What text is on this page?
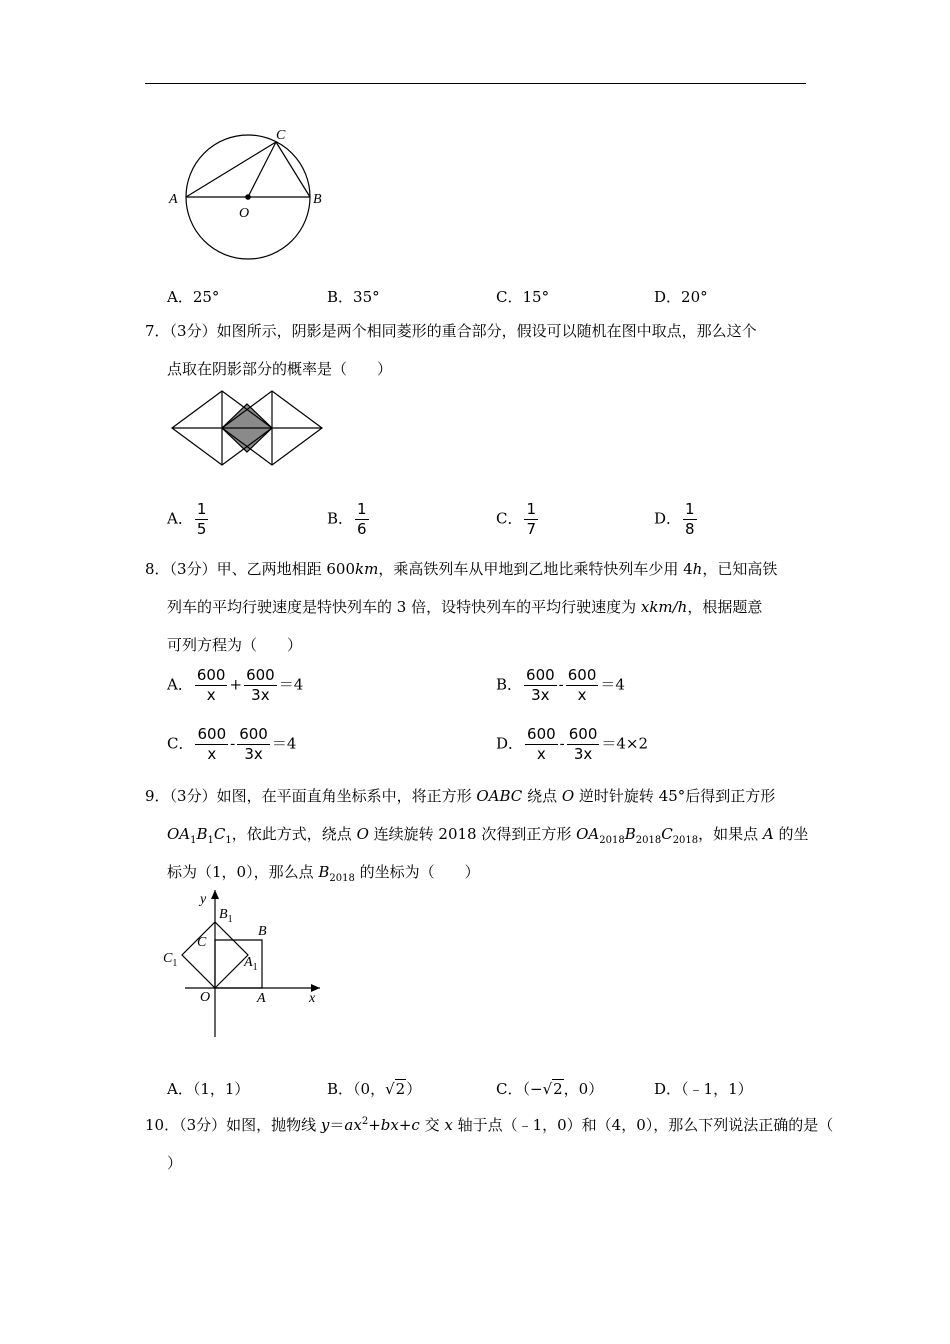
A	B
C
O
A．25°	B．35°	C．15°	D．20°
7．（3分）如图所示，阴影是两个相同菱形的重合部分，假设可以随机在图中取点，那么这个
点取在阴影部分的概率是（　　）
A． $\frac{1}{5}$	B． $\frac{1}{6}$	C． $\frac{1}{7}$	D． $\frac{1}{8}$
8．（3分）甲、乙两地相距 600km，乘高铁列车从甲地到乙地比乘特快列车少用 4h，已知高铁
列车的平均行驶速度是特快列车的 3 倍，设特快列车的平均行驶速度为 xkm/h，根据题意
可列方程为（　　）
A． $\frac{600}{x} + \frac{600}{3x} =4$	B． $\frac{600}{3x} - \frac{600}{x} =4$
C． $\frac{600}{x} - \frac{600}{3x} =4$	D． $\frac{600}{x} - \frac{600}{3x} =4\times 2$
9．（3分）如图，在平面直角坐标系中，将正方形 OABC 绕点 O 逆时针旋转 45°后得到正方形
$OA_1B_1C_1$，依此方式，绕点 O 连续旋转 2018 次得到正方形 $OA_{2018}B_{2018}C_{2018}$，如果点 A 的坐
标为（1，0），那么点 $B_{2018}$ 的坐标为（　　）
y
x
O	A
B
C
$B_1$
$C_1$	$A_1$
A．（1，1）	B．（0，√2）	C．（−√2，0）	D．（﹣1，1）
10．（3分）如图，抛物线 $y=ax^2+bx+c$ 交 x 轴于点（﹣1，0）和（4，0），那么下列说法正确的是（
）
